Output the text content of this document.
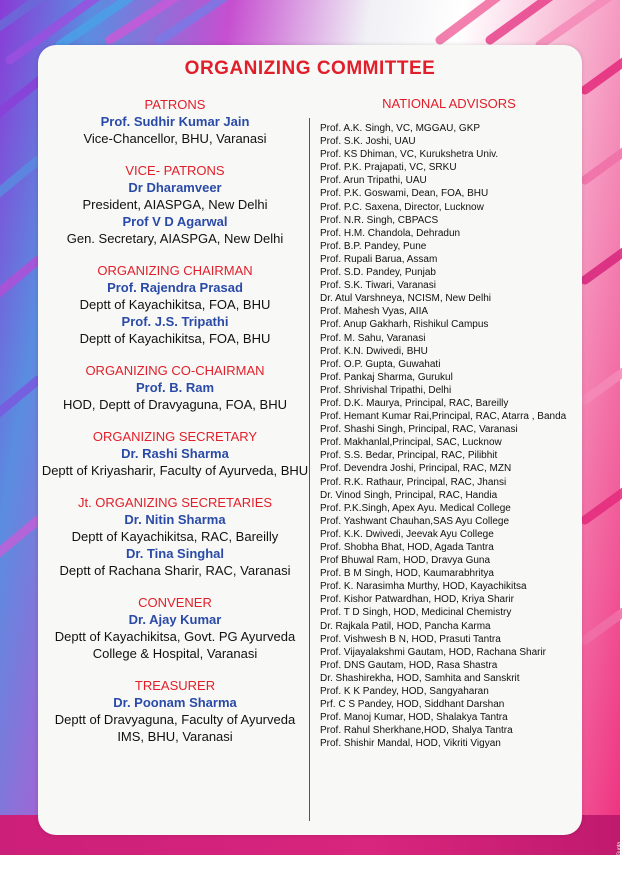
ORGANIZING COMMITTEE
PATRONS
Prof. Sudhir Kumar Jain
Vice-Chancellor, BHU, Varanasi
VICE- PATRONS
Dr Dharamveer
President, AIASPGA, New Delhi
Prof V D Agarwal
Gen. Secretary, AIASPGA, New Delhi
ORGANIZING CHAIRMAN
Prof. Rajendra Prasad
Deptt of Kayachikitsa, FOA, BHU
Prof. J.S. Tripathi
Deptt of Kayachikitsa, FOA, BHU
ORGANIZING CO-CHAIRMAN
Prof. B. Ram
HOD, Deptt of Dravyaguna, FOA, BHU
ORGANIZING SECRETARY
Dr. Rashi Sharma
Deptt of Kriyasharir, Faculty of Ayurveda, BHU
Jt. ORGANIZING SECRETARIES
Dr. Nitin Sharma
Deptt of Kayachikitsa, RAC, Bareilly
Dr. Tina Singhal
Deptt of Rachana Sharir, RAC, Varanasi
CONVENER
Dr. Ajay Kumar
Deptt of Kayachikitsa, Govt. PG Ayurveda
College & Hospital, Varanasi
TREASURER
Dr. Poonam Sharma
Deptt of Dravyaguna, Faculty of Ayurveda
IMS, BHU, Varanasi
NATIONAL ADVISORS
Prof. A.K. Singh, VC, MGGAU, GKP
Prof. S.K. Joshi, UAU
Prof. KS Dhiman, VC, Kurukshetra Univ.
Prof. P.K. Prajapati, VC, SRKU
Prof. Arun Tripathi, UAU
Prof. P.K. Goswami, Dean, FOA, BHU
Prof. P.C. Saxena, Director, Lucknow
Prof. N.R. Singh, CBPACS
Prof. H.M. Chandola, Dehradun
Prof. B.P. Pandey, Pune
Prof. Rupali Barua, Assam
Prof. S.D. Pandey, Punjab
Prof. S.K. Tiwari, Varanasi
Dr. Atul Varshneya, NCISM, New Delhi
Prof. Mahesh Vyas, AIIA
Prof. Anup Gakharh, Rishikul Campus
Prof. M. Sahu, Varanasi
Prof. K.N. Dwivedi, BHU
Prof. O.P. Gupta, Guwahati
Prof. Pankaj Sharma, Gurukul
Prof. Shrivishal Tripathi, Delhi
Prof. D.K. Maurya, Principal, RAC, Bareilly
Prof. Hemant Kumar Rai,Principal, RAC, Atarra , Banda
Prof. Shashi Singh, Principal, RAC, Varanasi
Prof. Makhanlal,Principal, SAC, Lucknow
Prof. S.S. Bedar, Principal, RAC, Pilibhit
Prof. Devendra Joshi, Principal, RAC, MZN
Prof. R.K. Rathaur, Principal, RAC, Jhansi
Dr. Vinod Singh, Principal, RAC, Handia
Prof. P.K.Singh, Apex Ayu. Medical College
Prof. Yashwant Chauhan,SAS Ayu College
Prof. K.K. Dwivedi, Jeevak Ayu College
Prof. Shobha Bhat, HOD, Agada Tantra
Prof Bhuwal Ram, HOD, Dravya Guna
Prof. B M Singh, HOD, Kaumarabhritya
Prof. K. Narasimha Murthy, HOD, Kayachikitsa
Prof. Kishor Patwardhan, HOD, Kriya Sharir
Prof. T D Singh, HOD, Medicinal Chemistry
Dr. Rajkala Patil, HOD, Pancha Karma
Prof. Vishwesh B N, HOD, Prasuti Tantra
Prof. Vijayalakshmi Gautam, HOD, Rachana Sharir
Prof. DNS Gautam, HOD, Rasa Shastra
Dr. Shashirekha, HOD, Samhita and Sanskrit
Prof. K K Pandey, HOD, Sangyaharan
Prf. C S Pandey, HOD, Siddhant Darshan
Prof. Manoj Kumar, HOD, Shalakya Tantra
Prof. Rahul Sherkhane,HOD, Shalya Tantra
Prof. Shishir Mandal, HOD, Vikriti Vigyan
©Ajay Gupta
